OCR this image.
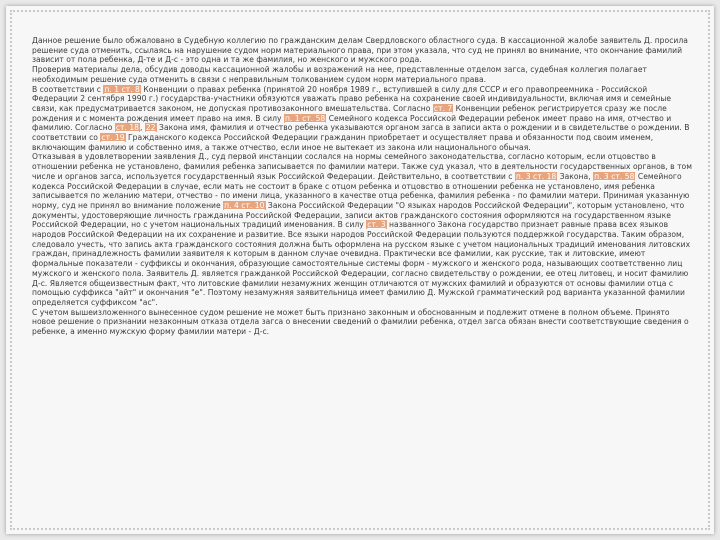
Данное решение было обжаловано в Судебную коллегию по гражданским делам Свердловского областного суда. В кассационной жалобе заявитель Д. просила решение суда отменить, ссылаясь на нарушение судом норм материального права, при этом указала, что суд не принял во внимание, что окончание фамилий зависит от пола ребенка, Д-те и Д-с - это одна и та же фамилия, но женского и мужского рода.

Проверив материалы дела, обсудив доводы кассационной жалобы и возражений на нее, представленные отделом загса, судебная коллегия полагает необходимым решение суда отменить в связи с неправильным толкованием судом норм материального права.

В соответствии с п. 1 ст. 8 Конвенции о правах ребенка (принятой 20 ноября 1989 г., вступившей в силу для СССР и его правопреемника - Российской Федерации 2 сентября 1990 г.) государства-участники обязуются уважать право ребенка на сохранение своей индивидуальности, включая имя и семейные связи, как предусматривается законом, не допуская противозаконного вмешательства. Согласно ст. 7 Конвенции ребенок регистрируется сразу же после рождения и с момента рождения имеет право на имя. В силу п. 1 ст. 58 Семейного кодекса Российской Федерации ребенок имеет право на имя, отчество и фамилию. Согласно ст. 18, 22 Закона имя, фамилия и отчество ребенка указываются органом загса в записи акта о рождении и в свидетельстве о рождении. В соответствии со ст. 19 Гражданского кодекса Российской Федерации гражданин приобретает и осуществляет права и обязанности под своим именем, включающим фамилию и собственно имя, а также отчество, если иное не вытекает из закона или национального обычая.

Отказывая в удовлетворении заявления Д., суд первой инстанции сослался на нормы семейного законодательства, согласно которым, если отцовство в отношении ребенка не установлено, фамилия ребенка записывается по фамилии матери. Также суд указал, что в деятельности государственных органов, в том числе и органов загса, используется государственный язык Российской Федерации. Действительно, в соответствии с п. 3 ст. 18 Закона, п. 3 ст. 58 Семейного кодекса Российской Федерации в случае, если мать не состоит в браке с отцом ребенка и отцовство в отношении ребенка не установлено, имя ребенка записывается по желанию матери, отчество - по имени лица, указанного в качестве отца ребенка, фамилия ребенка - по фамилии матери. Принимая указанную норму, суд не принял во внимание положение п. 4 ст. 10 Закона Российской Федерации "О языках народов Российской Федерации", которым установлено, что документы, удостоверяющие личность гражданина Российской Федерации, записи актов гражданского состояния оформляются на государственном языке Российской Федерации, но с учетом национальных традиций именования. В силу ст. 3 названного Закона государство признает равные права всех языков народов Российской Федерации на их сохранение и развитие. Все языки народов Российской Федерации пользуются поддержкой государства. Таким образом, следовало учесть, что запись акта гражданского состояния должна быть оформлена на русском языке с учетом национальных традиций именования литовских граждан, принадлежность фамилии заявителя к которым в данном случае очевидна. Практически все фамилии, как русские, так и литовские, имеют формальные показатели - суффиксы и окончания, образующие самостоятельные системы форм - мужского и женского рода, называющих соответственно лиц мужского и женского пола. Заявитель Д. является гражданкой Российской Федерации, согласно свидетельству о рождении, ее отец литовец, и носит фамилию Д-с. Является общеизвестным факт, что литовские фамилии незамужних женщин отличаются от мужских фамилий и образуются от основы фамилии отца с помощью суффикса "айт" и окончания "е". Поэтому незамужняя заявительница имеет фамилию Д. Мужской грамматический род варианта указанной фамилии определяется суффиксом "ас".

С учетом вышеизложенного вынесенное судом решение не может быть признано законным и обоснованным и подлежит отмене в полном объеме. Принято новое решение о признании незаконным отказа отдела загса о внесении сведений о фамилии ребенка, отдел загса обязан внести соответствующие сведения о ребенке, а именно мужскую форму фамилии матери - Д-с.
